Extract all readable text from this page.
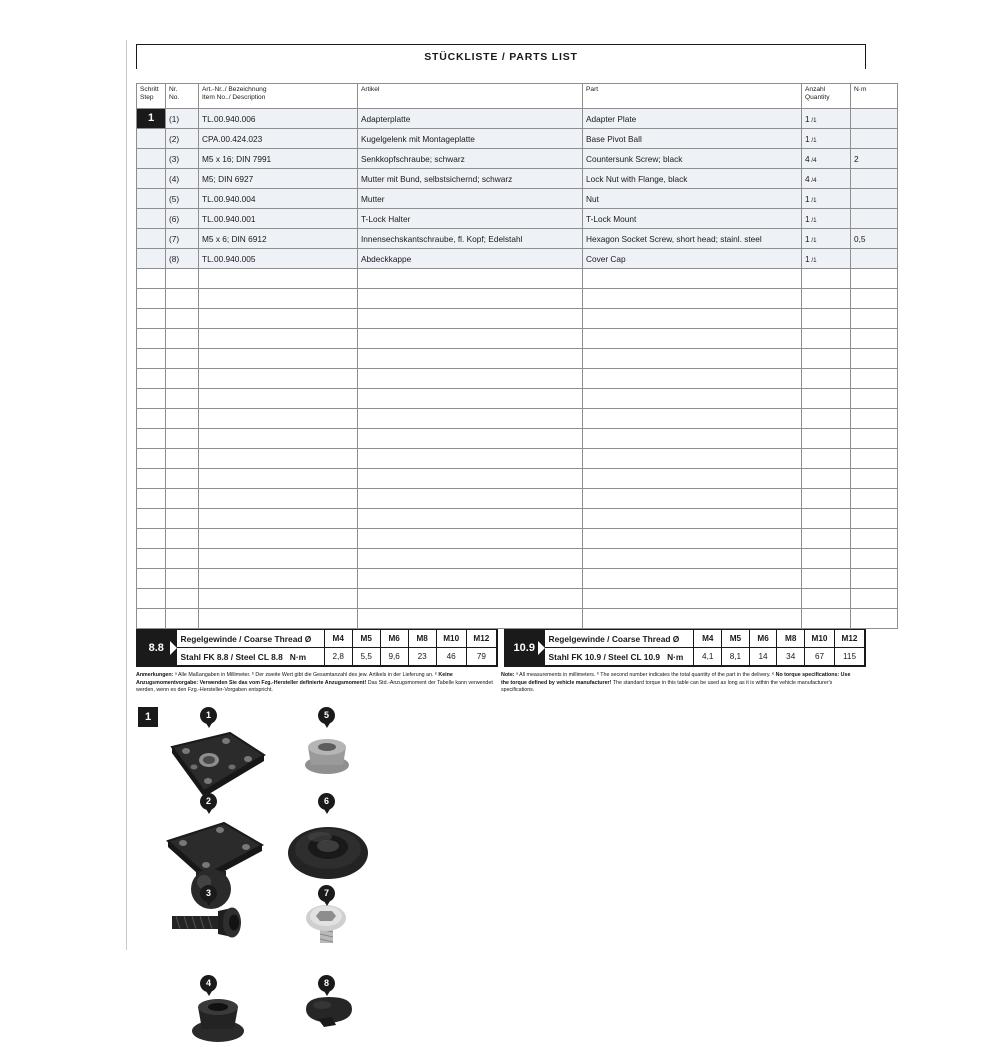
STÜCKLISTE / PARTS LIST
Schritt
Step

Nr.
No.

Art.-Nr../ Bezeichnung
Item No../ Description
	Artikel	Part	Anzahl
Quantity
	N·m

1	(1)	TL.00.940.006	Adapterplatte	Adapter Plate	1 /1	
	(2)	CPA.00.424.023	Kugelgelenk mit Montageplatte	Base Pivot Ball	1 /1	
	(3)	M5 x 16; DIN 7991	Senkkopfschraube; schwarz	Countersunk Screw; black	4 /4	2
	(4)	M5; DIN 6927	Mutter mit Bund, selbstsichernd; schwarz	Lock Nut with Flange, black	4 /4	
	(5)	TL.00.940.004	Mutter	Nut	1 /1	
	(6)	TL.00.940.001	T-Lock Halter	T-Lock Mount	1 /1	
	(7)	M5 x 6; DIN 6912	Innensechskantschraube, fl. Kopf; Edelstahl	Hexagon Socket Screw, short head; stainl. steel	1 /1	0,5
	(8)	TL.00.940.005	Abdeckkappe	Cover Cap	1 /1	

8.8
Regelgewinde / Coarse Thread Ø	M4	M5	M6	M8	M10	M12
Stahl FK 8.8 / Steel CL 8.8 N·m	2,8	5,5	9,6	23	46	79
10.9
Regelgewinde / Coarse Thread Ø	M4	M5	M6	M8	M10	M12
Stahl FK 10.9 / Steel CL 10.9 N·m	4,1	8,1	14	34	67	115
Anmerkungen: ᵃ Alle Maßangaben in Millimeter. ᵇ Der zweite Wert gibt die Gesamtanzahl des jew. Artikels in der Lieferung an. ᶜ Keine Anzugsmomentvorgabe: Verwenden Sie das vom Fzg.-Hersteller definierte Anzugsmoment! Das Std.-Anzugsmoment der Tabelle kann verwendet werden, wenn es den Fzg.-Hersteller-Vorgaben entspricht.
Note: ᵃ All measurements in millimeters. ᵇ The second number indicates the total quantity of the part in the delivery. ᶜ No torque specifications: Use the torque defined by vehicle manufacturer! The standard torque in this table can be used as long as it is within the vehicle manufacturer's specifications.
1	1
2
3
4
5
6
7
8
